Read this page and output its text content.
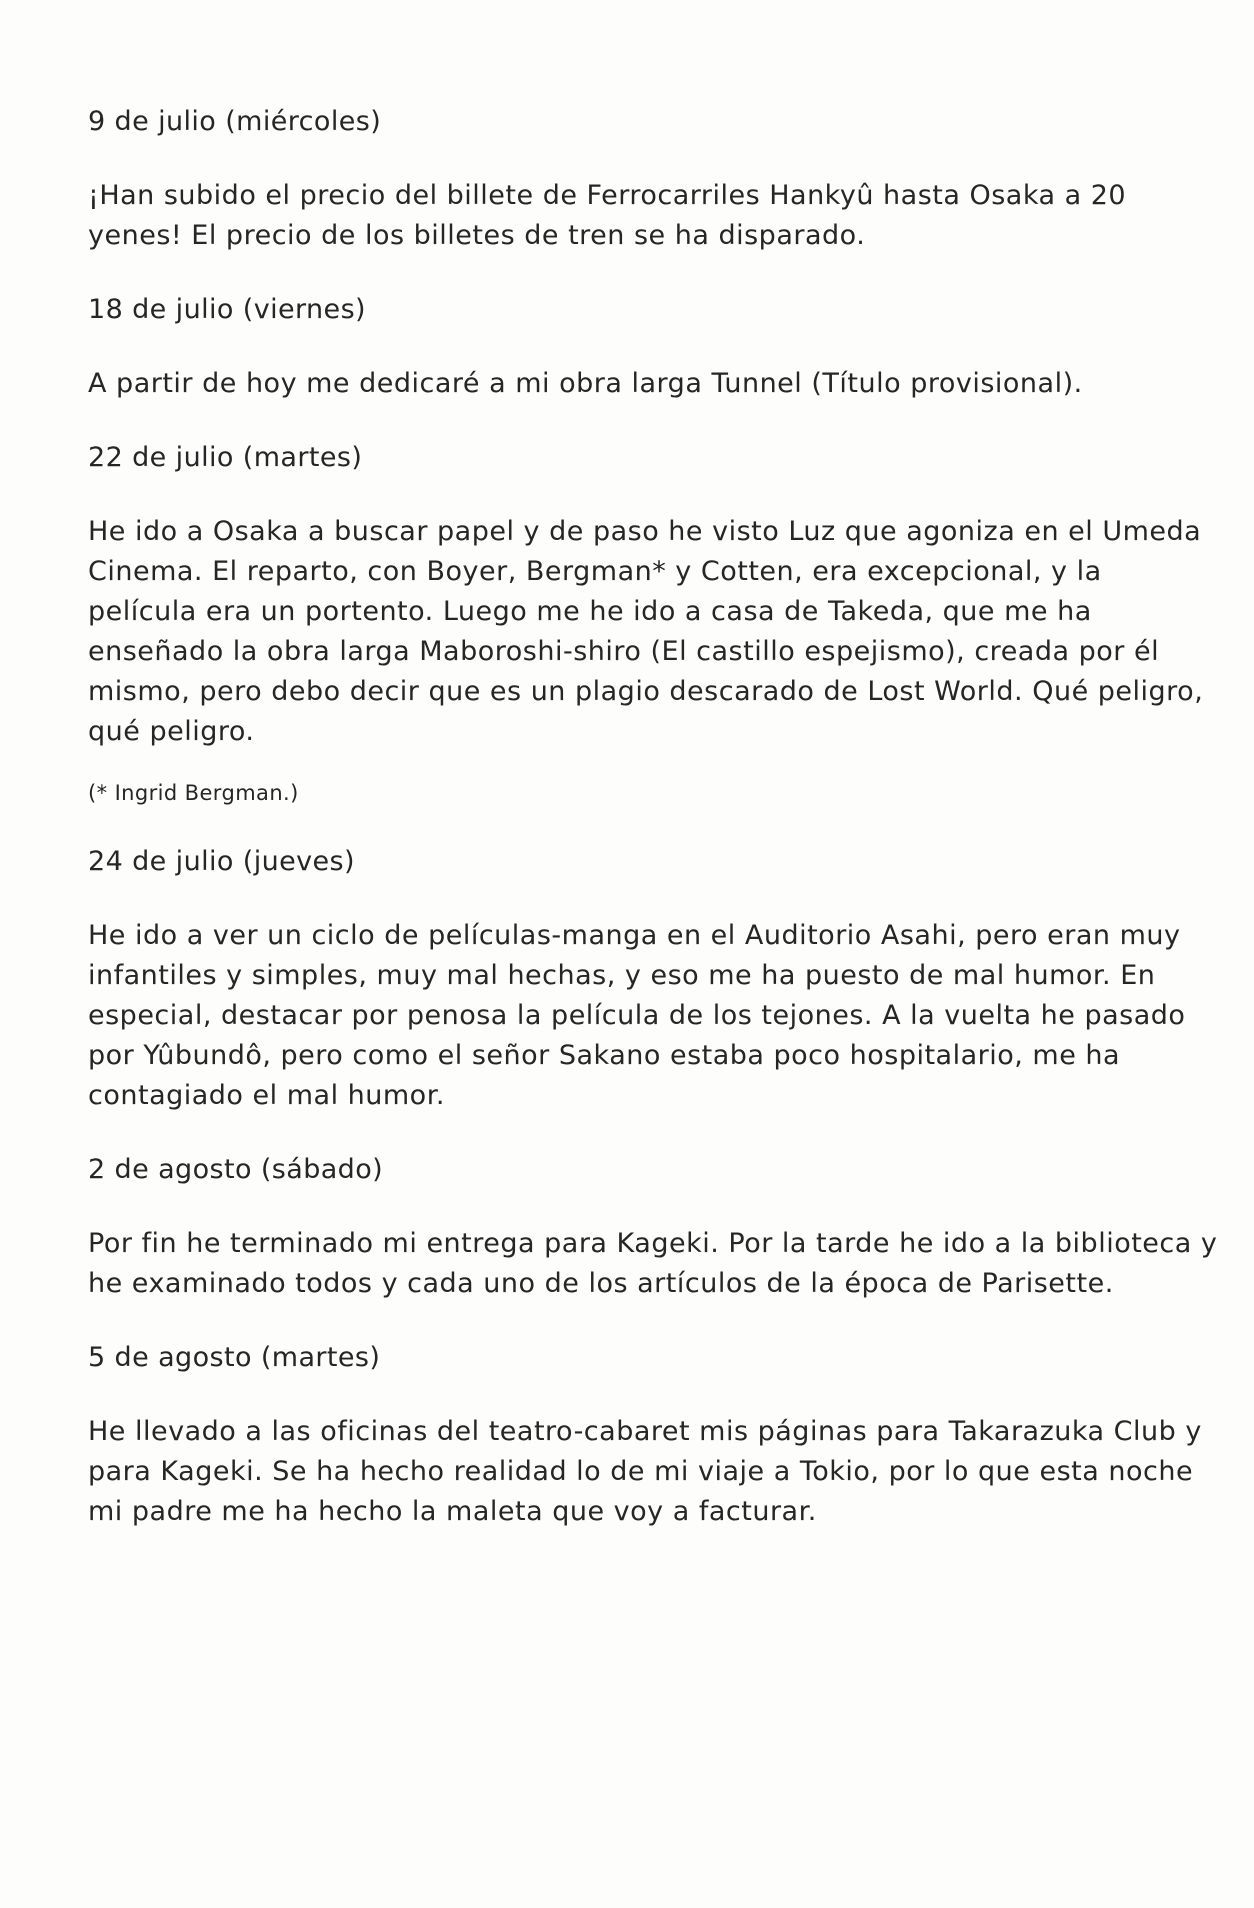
9 de julio (miércoles)

¡Han subido el precio del billete de Ferrocarriles Hankyû hasta Osaka a 20 yenes! El precio de los billetes de tren se ha disparado.

18 de julio (viernes)

A partir de hoy me dedicaré a mi obra larga Tunnel (Título provisional).

22 de julio (martes)

He ido a Osaka a buscar papel y de paso he visto Luz que agoniza en el Umeda Cinema. El reparto, con Boyer, Bergman* y Cotten, era excepcional, y la película era un portento. Luego me he ido a casa de Takeda, que me ha enseñado la obra larga Maboroshi-shiro (El castillo espejismo), creada por él mismo, pero debo decir que es un plagio descarado de Lost World. Qué peligro, qué peligro.

(* Ingrid Bergman.)

24 de julio (jueves)

He ido a ver un ciclo de películas-manga en el Auditorio Asahi, pero eran muy infantiles y simples, muy mal hechas, y eso me ha puesto de mal humor. En especial, destacar por penosa la película de los tejones. A la vuelta he pasado por Yûbundô, pero como el señor Sakano estaba poco hospitalario, me ha contagiado el mal humor.

2 de agosto (sábado)

Por fin he terminado mi entrega para Kageki. Por la tarde he ido a la biblioteca y he examinado todos y cada uno de los artículos de la época de Parisette.

5 de agosto (martes)

He llevado a las oficinas del teatro-cabaret mis páginas para Takarazuka Club y para Kageki. Se ha hecho realidad lo de mi viaje a Tokio, por lo que esta noche mi padre me ha hecho la maleta que voy a facturar.
